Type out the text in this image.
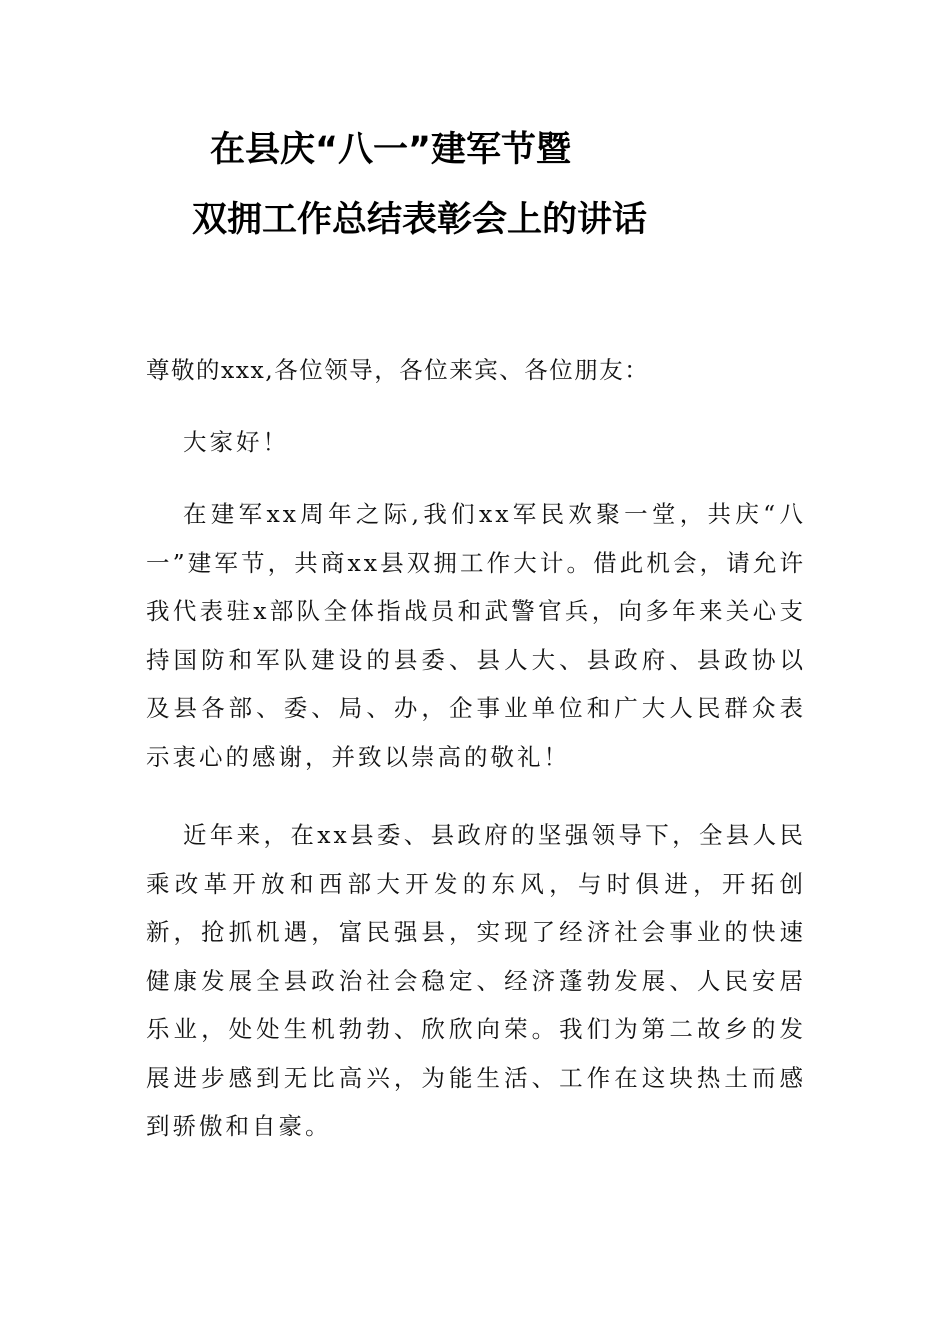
在县庆“八一”建军节暨
双拥工作总结表彰会上的讲话

尊敬的xxx,各位领导，各位来宾、各位朋友：

大家好！

在建军xx周年之际,我们xx军民欢聚一堂，共庆“八一”建军节，共商xx县双拥工作大计。借此机会，请允许我代表驻x部队全体指战员和武警官兵，向多年来关心支持国防和军队建设的县委、县人大、县政府、县政协以及县各部、委、局、办，企事业单位和广大人民群众表示衷心的感谢，并致以崇高的敬礼！

近年来，在xx县委、县政府的坚强领导下，全县人民乘改革开放和西部大开发的东风，与时俱进，开拓创新，抢抓机遇，富民强县，实现了经济社会事业的快速健康发展全县政治社会稳定、经济蓬勃发展、人民安居乐业，处处生机勃勃、欣欣向荣。我们为第二故乡的发展进步感到无比高兴，为能生活、工作在这块热土而感到骄傲和自豪。
